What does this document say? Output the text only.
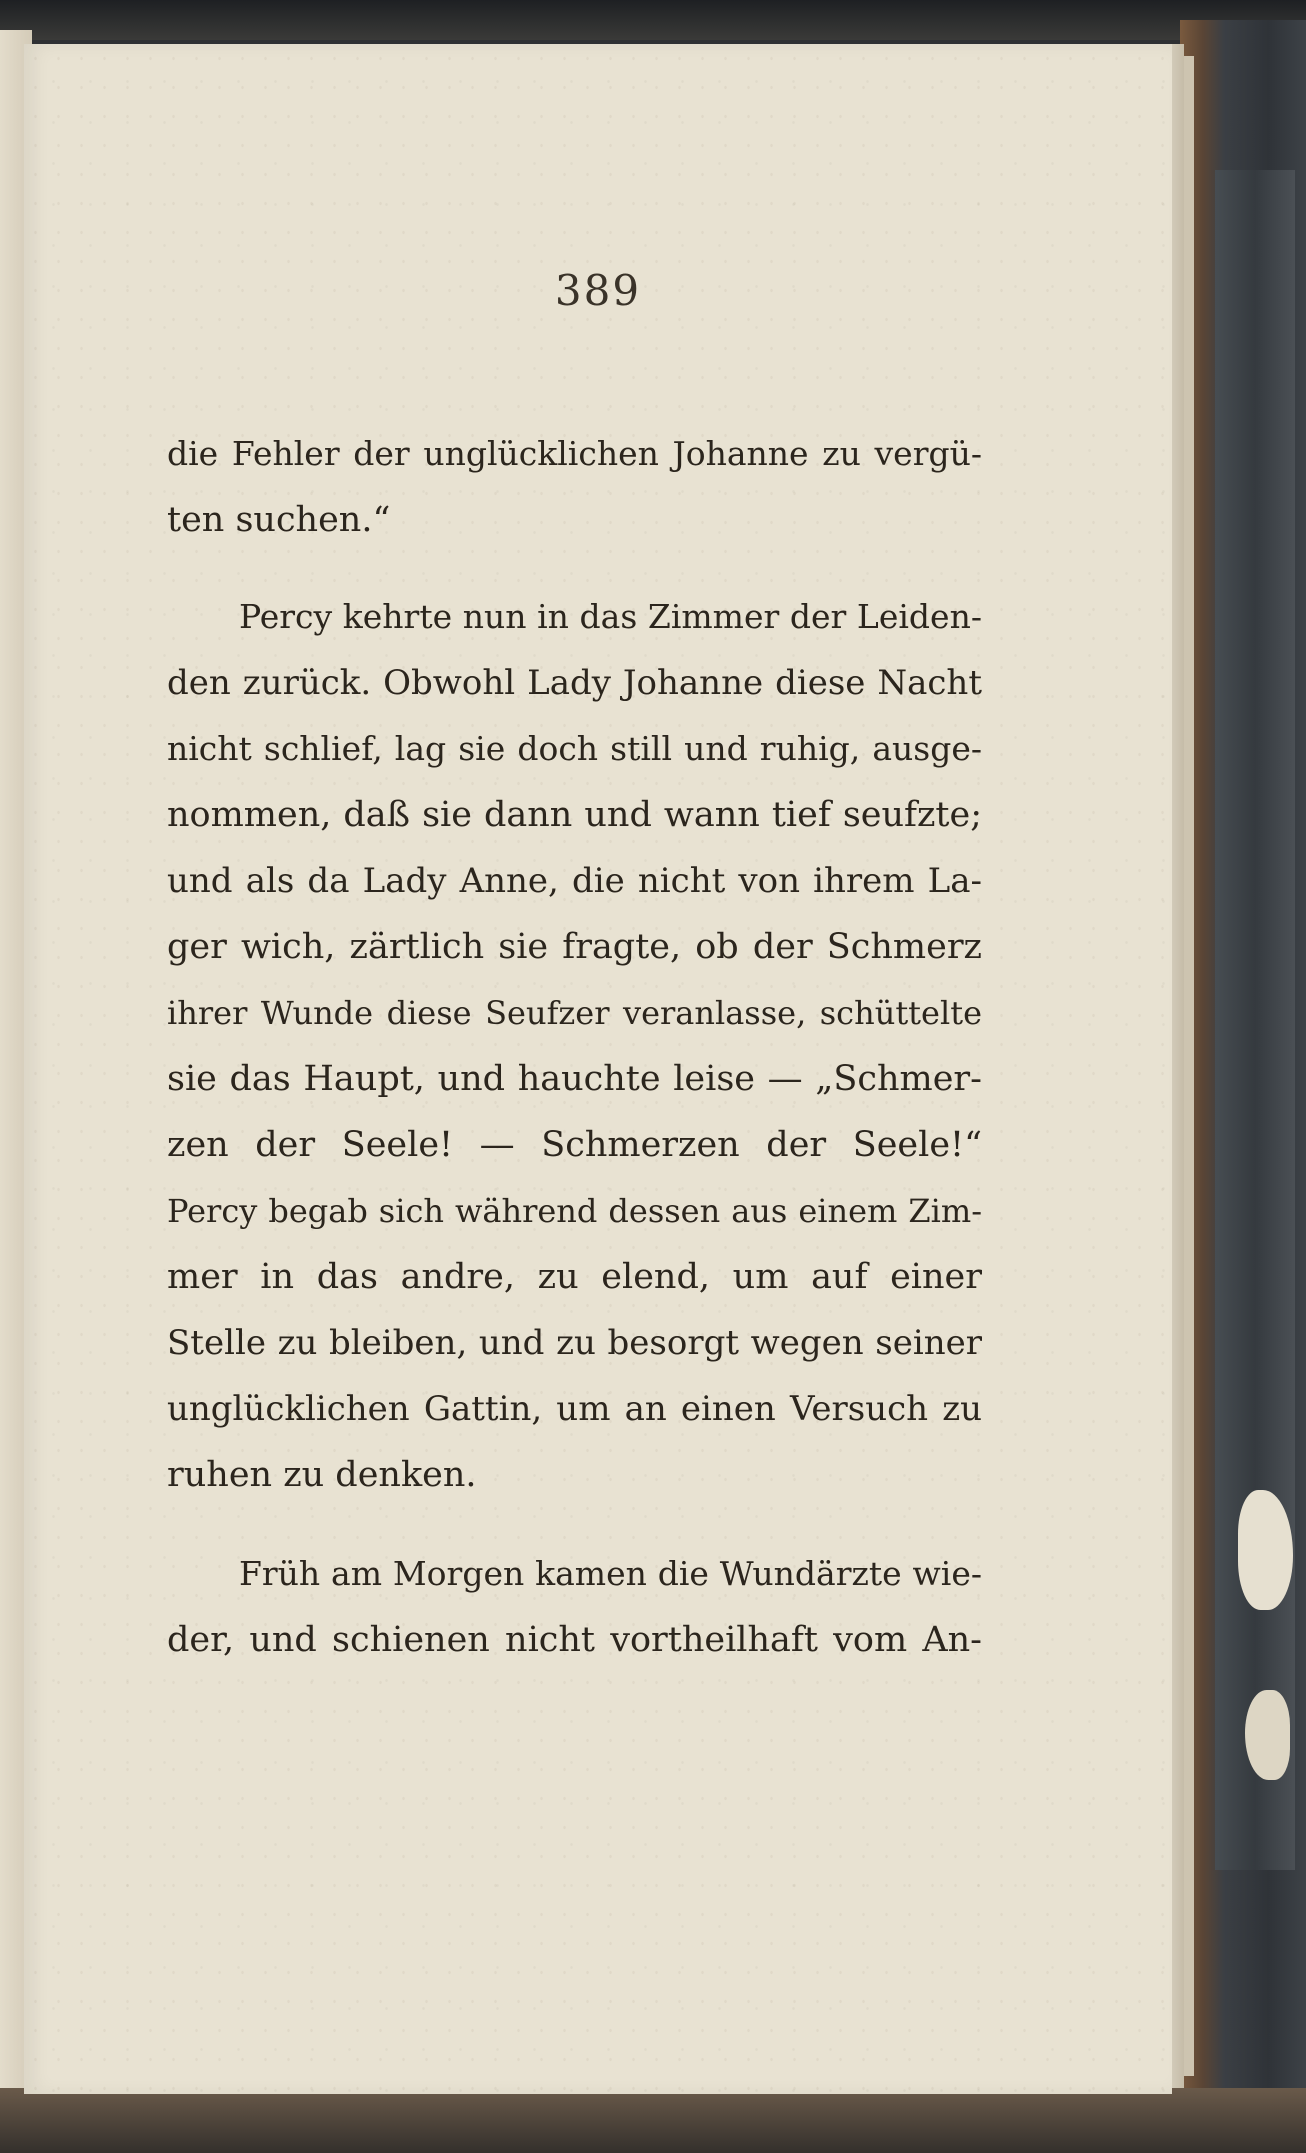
389
die Fehler der unglücklichen Johanne zu vergü-
ten suchen.“
Percy kehrte nun in das Zimmer der Leiden-
den zurück. Obwohl Lady Johanne diese Nacht
nicht schlief, lag sie doch still und ruhig, ausge-
nommen, daß sie dann und wann tief seufzte;
und als da Lady Anne, die nicht von ihrem La-
ger wich, zärtlich sie fragte, ob der Schmerz
ihrer Wunde diese Seufzer veranlasse, schüttelte
sie das Haupt, und hauchte leise — „Schmer-
zen der Seele! — Schmerzen der Seele!“
Percy begab sich während dessen aus einem Zim-
mer in das andre, zu elend, um auf einer
Stelle zu bleiben, und zu besorgt wegen seiner
unglücklichen Gattin, um an einen Versuch zu
ruhen zu denken.
Früh am Morgen kamen die Wundärzte wie-
der, und schienen nicht vortheilhaft vom An-
